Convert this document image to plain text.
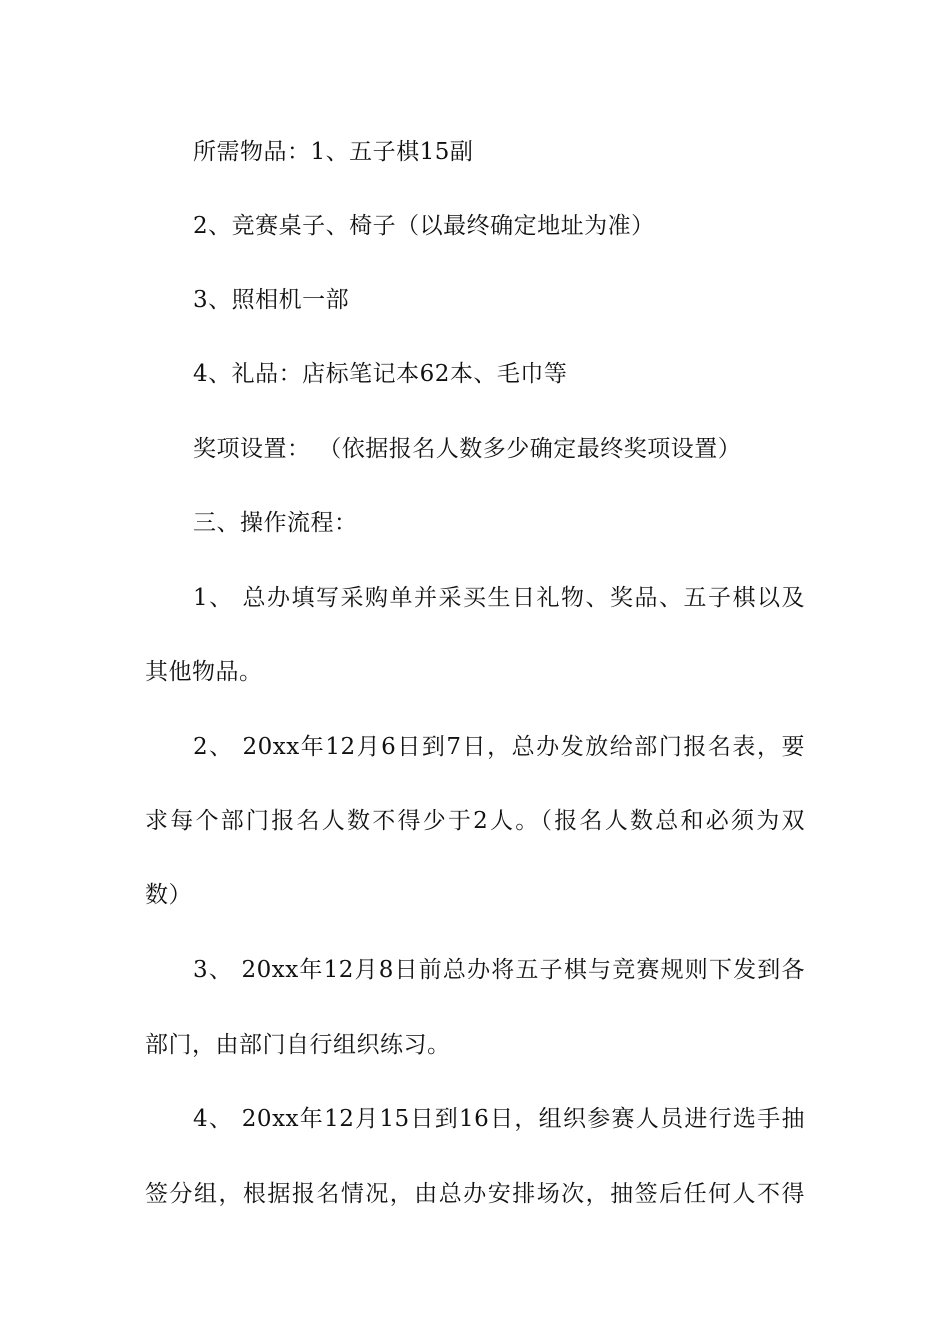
所需物品：1、五子棋15副
2、竞赛桌子、椅子（以最终确定地址为准）
3、照相机一部
4、礼品：店标笔记本62本、毛巾等
奖项设置： （依据报名人数多少确定最终奖项设置）
三、操作流程：
1、 总办填写采购单并采买生日礼物、奖品、五子棋以及
其他物品。
2、 20xx年12月6日到7日，总办发放给部门报名表，要
求每个部门报名人数不得少于2人。（报名人数总和必须为双
数）
3、 20xx年12月8日前总办将五子棋与竞赛规则下发到各
部门，由部门自行组织练习。
4、 20xx年12月15日到16日，组织参赛人员进行选手抽
签分组，根据报名情况，由总办安排场次，抽签后任何人不得
